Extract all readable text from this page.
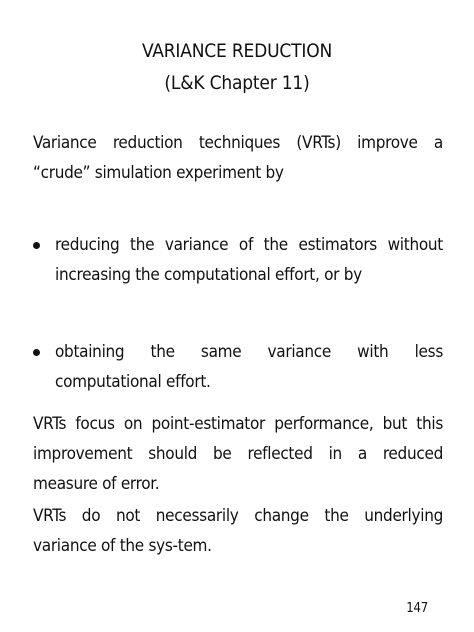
VARIANCE REDUCTION
(L&K Chapter 11)
Variance reduction techniques (VRTs) improve a “crude” simulation experiment by
reducing the variance of the estimators without increasing the computational effort, or by
obtaining the same variance with less computational effort.
VRTs focus on point-estimator performance, but this improvement should be reflected in a reduced measure of error.
VRTs do not necessarily change the underlying variance of the sys-tem.
147
